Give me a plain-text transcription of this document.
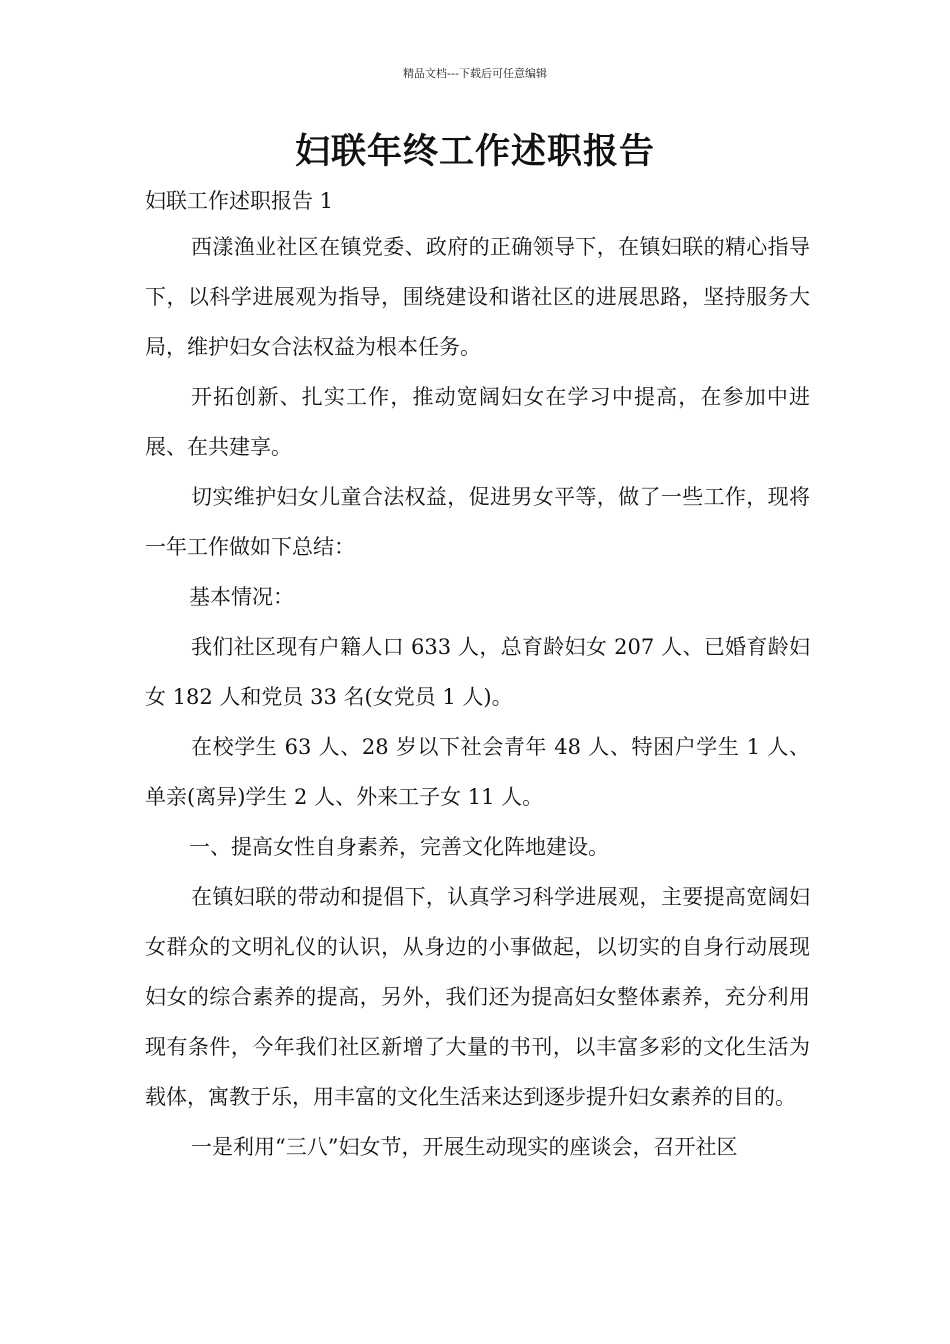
精品文档---下载后可任意编辑
妇联年终工作述职报告

妇联工作述职报告 1

西漾渔业社区在镇党委、政府的正确领导下，在镇妇联的精心指导下，以科学进展观为指导，围绕建设和谐社区的进展思路，坚持服务大局，维护妇女合法权益为根本任务。

开拓创新、扎实工作，推动宽阔妇女在学习中提高，在参加中进展、在共建享。

切实维护妇女儿童合法权益，促进男女平等，做了一些工作，现将一年工作做如下总结：

基本情况：

我们社区现有户籍人口 633 人，总育龄妇女 207 人、已婚育龄妇女 182 人和党员 33 名(女党员 1 人)。

在校学生 63 人、28 岁以下社会青年 48 人、特困户学生 1 人、单亲(离异)学生 2 人、外来工子女 11 人。

一、提高女性自身素养，完善文化阵地建设。

在镇妇联的带动和提倡下，认真学习科学进展观，主要提高宽阔妇女群众的文明礼仪的认识，从身边的小事做起，以切实的自身行动展现妇女的综合素养的提高，另外，我们还为提高妇女整体素养，充分利用现有条件，今年我们社区新增了大量的书刊，以丰富多彩的文化生活为载体，寓教于乐，用丰富的文化生活来达到逐步提升妇女素养的目的。

一是利用“三八”妇女节，开展生动现实的座谈会，召开社区
